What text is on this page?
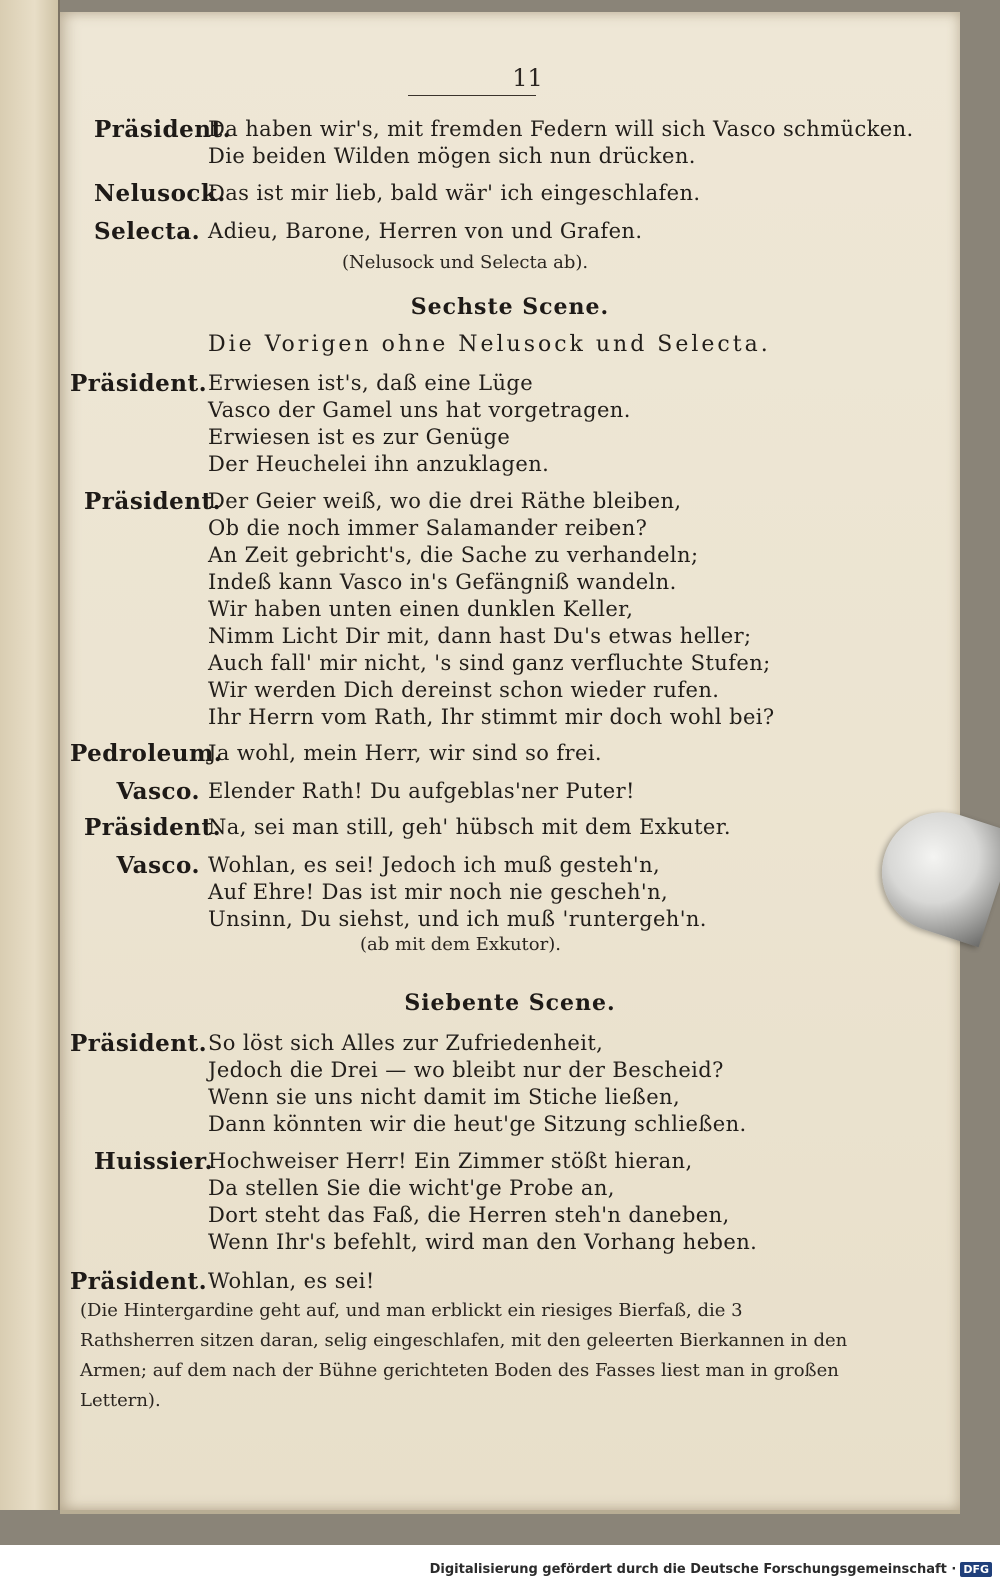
11
Präsident.
Da haben wir's, mit fremden Federn will sich Vasco schmücken.
Die beiden Wilden mögen sich nun drücken.
Nelusock.
Das ist mir lieb, bald wär' ich eingeschlafen.
Selecta. Adieu, Barone, Herren von und Grafen.
(Nelusock und Selecta ab).
Sechste Scene.
Die Vorigen ohne Nelusock und Selecta.
Präsident. Erwiesen ist's, daß eine Lüge
Vasco der Gamel uns hat vorgetragen.
Erwiesen ist es zur Genüge
Der Heuchelei ihn anzuklagen.
Präsident.
Der Geier weiß, wo die drei Räthe bleiben,
Ob die noch immer Salamander reiben?
An Zeit gebricht's, die Sache zu verhandeln;
Indeß kann Vasco in's Gefängniß wandeln.
Wir haben unten einen dunklen Keller,
Nimm Licht Dir mit, dann hast Du's etwas heller;
Auch fall' mir nicht, 's sind ganz verfluchte Stufen;
Wir werden Dich dereinst schon wieder rufen.
Ihr Herrn vom Rath, Ihr stimmt mir doch wohl bei?
Pedroleum.
Ja wohl, mein Herr, wir sind so frei.
Vasco. Elender Rath! Du aufgeblas'ner Puter!
Präsident.
Na, sei man still, geh' hübsch mit dem Exkuter.
Vasco. Wohlan, es sei! Jedoch ich muß gesteh'n,
Auf Ehre! Das ist mir noch nie gescheh'n,
Unsinn, Du siehst, und ich muß 'runtergeh'n.
(ab mit dem Exkutor).
Siebente Scene.
Präsident. So löst sich Alles zur Zufriedenheit,
Jedoch die Drei — wo bleibt nur der Bescheid?
Wenn sie uns nicht damit im Stiche ließen,
Dann könnten wir die heut'ge Sitzung schließen.
Huissier.
Hochweiser Herr! Ein Zimmer stößt hieran,
Da stellen Sie die wicht'ge Probe an,
Dort steht das Faß, die Herren steh'n daneben,
Wenn Ihr's befehlt, wird man den Vorhang heben.
Präsident. Wohlan, es sei!
(Die Hintergardine geht auf, und man erblickt ein riesiges Bierfaß, die 3 Rathsherren sitzen daran, selig eingeschlafen, mit den geleerten Bierkannen in den Armen; auf dem nach der Bühne gerichteten Boden des Fasses liest man in großen Lettern).
Digitalisierung gefördert durch die Deutsche Forschungsgemeinschaft · DFG
